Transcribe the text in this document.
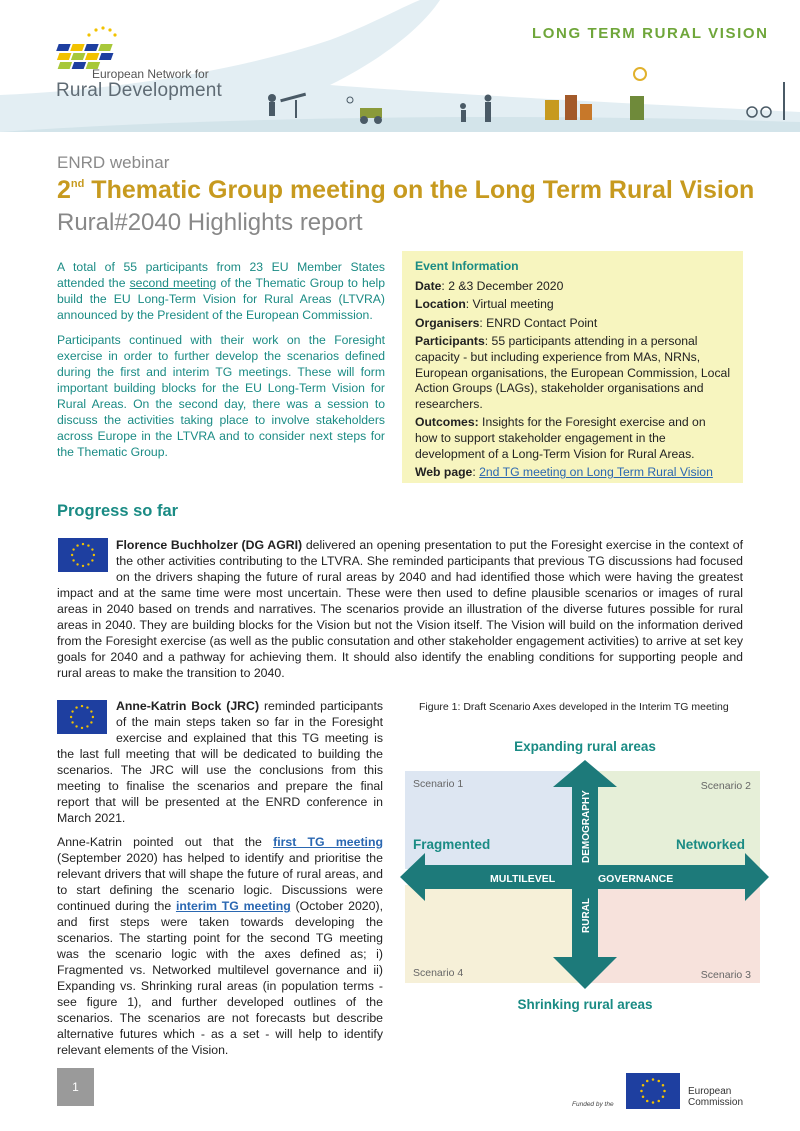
European Network for
Rural Development
LONG TERM RURAL VISION
ENRD webinar
2nd Thematic Group meeting on the Long Term Rural Vision
Rural#2040 Highlights report

A total of 55 participants from 23 EU Member States attended the second meeting of the Thematic Group to help build the EU Long-Term Vision for Rural Areas (LTVRA) announced by the President of the European Commission.

Participants continued with their work on the Foresight exercise in order to further develop the scenarios defined during the first and interim TG meetings. These will form important building blocks for the EU Long-Term Vision for Rural Areas. On the second day, there was a session to discuss the activities taking place to involve stakeholders across Europe in the LTVRA and to consider next steps for the Thematic Group.

Event Information
Date: 2 &3 December 2020
Location: Virtual meeting
Organisers: ENRD Contact Point
Participants: 55 participants attending in a personal capacity - but including experience from MAs, NRNs, European organisations, the European Commission, Local Action Groups (LAGs), stakeholder organisations and researchers.
Outcomes: Insights for the Foresight exercise and on how to support stakeholder engagement in the development of a Long-Term Vision for Rural Areas.
Web page: 2nd TG meeting on Long Term Rural Vision
Progress so far
Florence Buchholzer (DG AGRI) delivered an opening presentation to put the Foresight exercise in the context of the other activities contributing to the LTVRA. She reminded participants that previous TG discussions had focused on the drivers shaping the future of rural areas by 2040 and had identified those which were having the greatest impact and at the same time were most uncertain. These were then used to define plausible scenarios or images of rural areas in 2040 based on trends and narratives. The scenarios provide an illustration of the diverse futures possible for rural areas in 2040. They are building blocks for the Vision but not the Vision itself. The Vision will build on the information derived from the Foresight exercise (as well as the public consutation and other stakeholder engagement activities) to arrive at set key goals for 2040 and a pathway for achieving them. It should also identify the enabling conditions for supporting people and rural areas to make the transition to 2040.

Anne-Katrin Bock (JRC) reminded participants of the main steps taken so far in the Foresight exercise and explained that this TG meeting is the last full meeting that will be dedicated to building the scenarios. The JRC will use the conclusions from this meeting to finalise the scenarios and prepare the final report that will be presented at the ENRD conference in March 2021.

Anne-Katrin pointed out that the first TG meeting (September 2020) has helped to identify and prioritise the relevant drivers that will shape the future of rural areas, and to start defining the scenario logic. Discussions were continued during the interim TG meeting (October 2020), and first steps were taken towards developing the scenarios. The starting point for the second TG meeting was the scenario logic with the axes defined as; i) Fragmented vs. Networked multilevel governance and ii) Expanding vs. Shrinking rural areas (in population terms - see figure 1), and further developed outlines of the scenarios. The scenarios are not forecasts but describe alternative futures which - as a set - will help to identify relevant elements of the Vision.

Figure 1: Draft Scenario Axes developed in the Interim TG meeting
Expanding rural areas
Shrinking rural areas
Fragmented	Networked
MULTILEVEL	GOVERNANCE
DEMOGRAPHY
RURAL
Scenario 1	Scenario 2
Scenario 3
Scenario 4
1
Funded by the
European
Commission
